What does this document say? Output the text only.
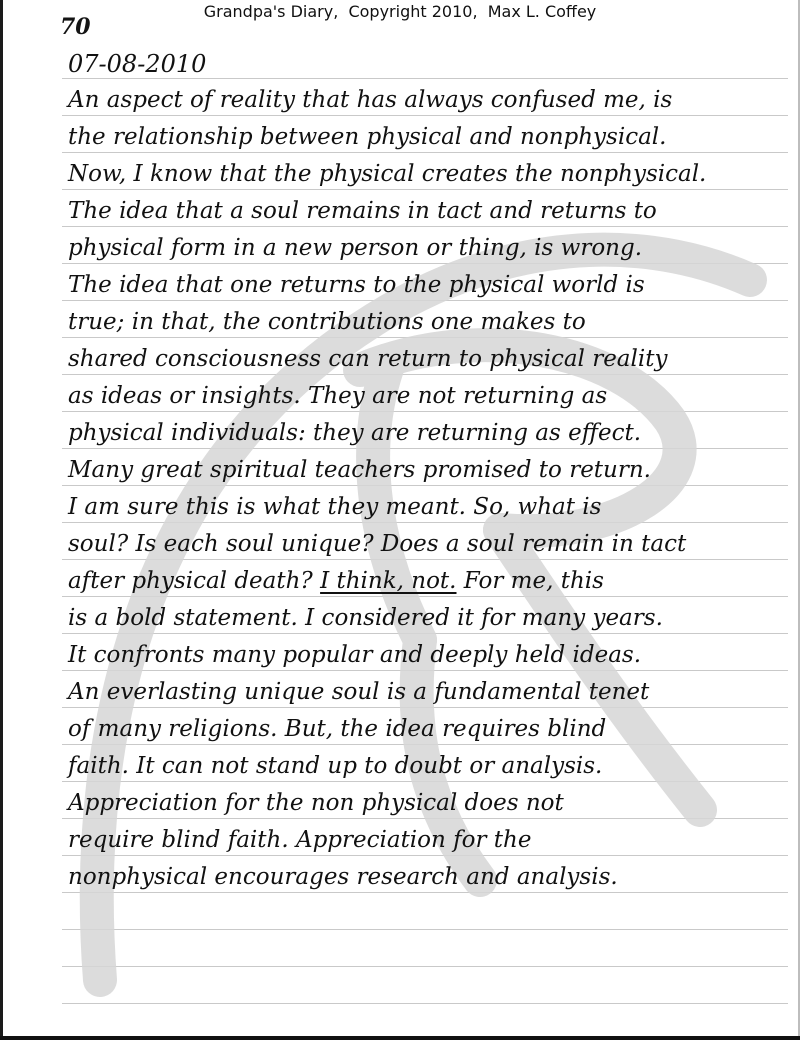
70
Grandpa's Diary,  Copyright 2010,  Max L. Coffey
07-08-2010
An aspect of reality that has always confused me, is
the relationship between physical and nonphysical.
Now, I know that the physical creates the nonphysical.
The idea that a soul remains in tact and returns to
physical form in a new person or thing, is wrong.
The idea that one returns to the physical world is
true; in that, the contributions one makes to
shared consciousness can return to physical reality
as ideas or insights. They are not returning as
physical individuals: they are returning as effect.
Many great spiritual teachers promised to return.
I am sure this is what they meant. So, what is
soul? Is each soul unique? Does a soul remain in tact
after physical death? I think, not. For me, this
is a bold statement. I considered it for many years.
It confronts many popular and deeply held ideas.
An everlasting unique soul is a fundamental tenet
of many religions. But, the idea requires blind
faith. It can not stand up to doubt or analysis.
Appreciation for the non physical does not
require blind faith. Appreciation for the
nonphysical encourages research and analysis.
